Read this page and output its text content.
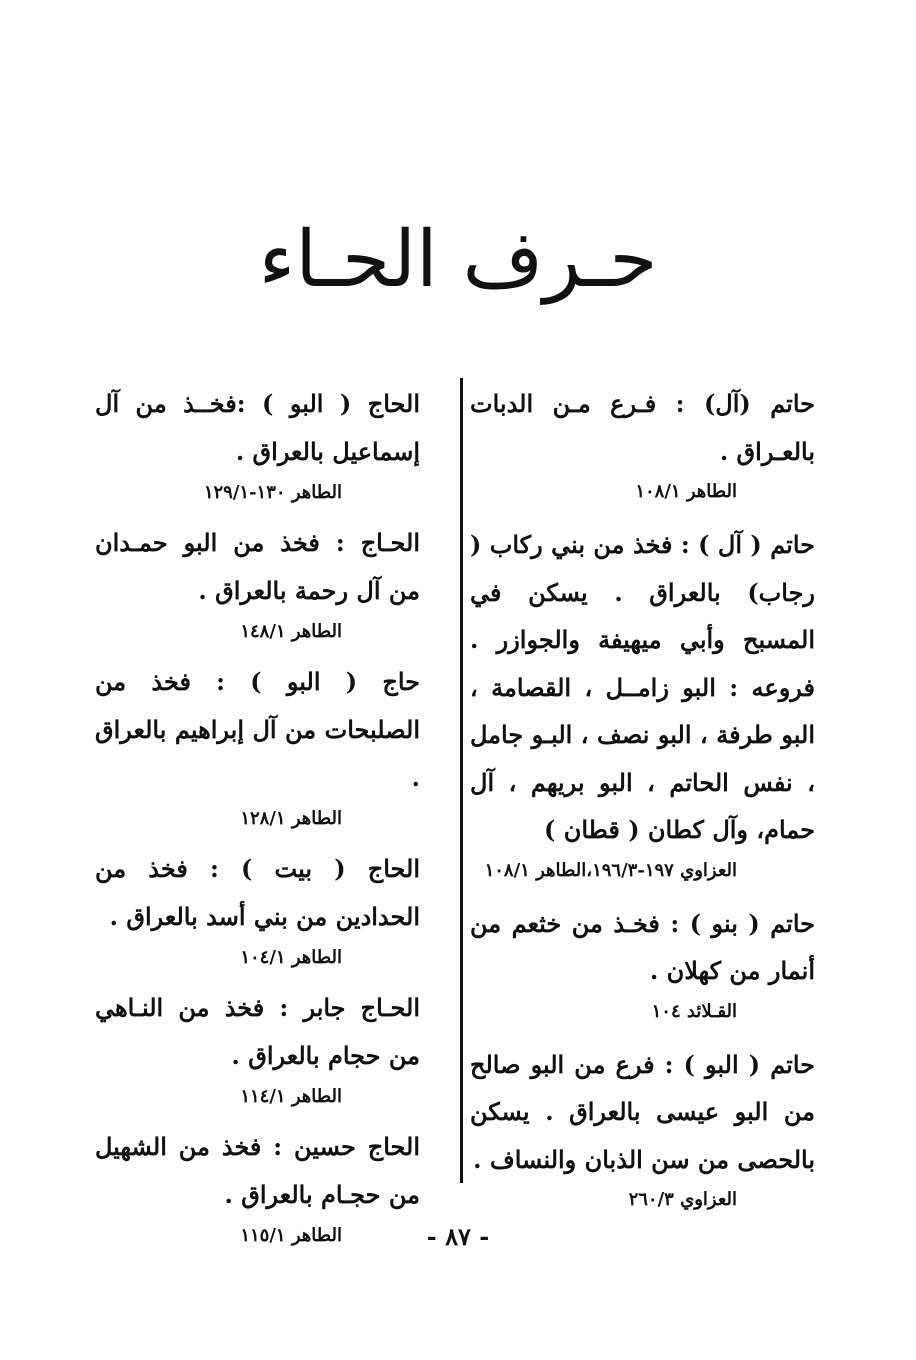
حـرف الحـاء
حاتم (آل) : فـرع مـن الدبات بالعـراق .
الطاهر ١٠٨/١
حاتم ( آل ) : فخذ من بني ركاب ( رجاب) بالعراق . يسكن في المسبح وأبي ميهيفة والجوازر . فروعه : البو زامــل ، القصامة ، البو طرفة ، البو نصف ، البـو جامل ، نفس الحاتم ، البو بريهم ، آل حمام، وآل كطان ( قطان )
العزاوي ١٩٧-١٩٦/٣،الطاهر ١٠٨/١
حاتم ( بنو ) : فخـذ من خثعم من أنمار من كهلان .
القـلائد ١٠٤
حاتم ( البو ) : فرع من البو صالح من البو عيسى بالعراق . يسكن بالحصى من سن الذبان والنساف .
العزاوي ٢٦٠/٣
الحاج ( البو ) :فخــذ من آل إسماعيل بالعراق .
الطاهر ١٣٠-١٢٩/١
الحـاج : فخذ من البو حمـدان من آل رحمة بالعراق .
الطاهر ١٤٨/١
حاج ( البو ) : فخذ من الصلبحات من آل إبراهيم بالعراق .
الطاهر ١٢٨/١
الحاج ( بيت ) : فخذ من الحدادين من بني أسد بالعراق .
الطاهر ١٠٤/١
الحـاج جابر : فخذ من النـاهي من حجام بالعراق .
الطاهر ١١٤/١
الحاج حسين : فخذ من الشهيل من حجـام بالعراق .
الطاهر ١١٥/١	- ٨٧ -
